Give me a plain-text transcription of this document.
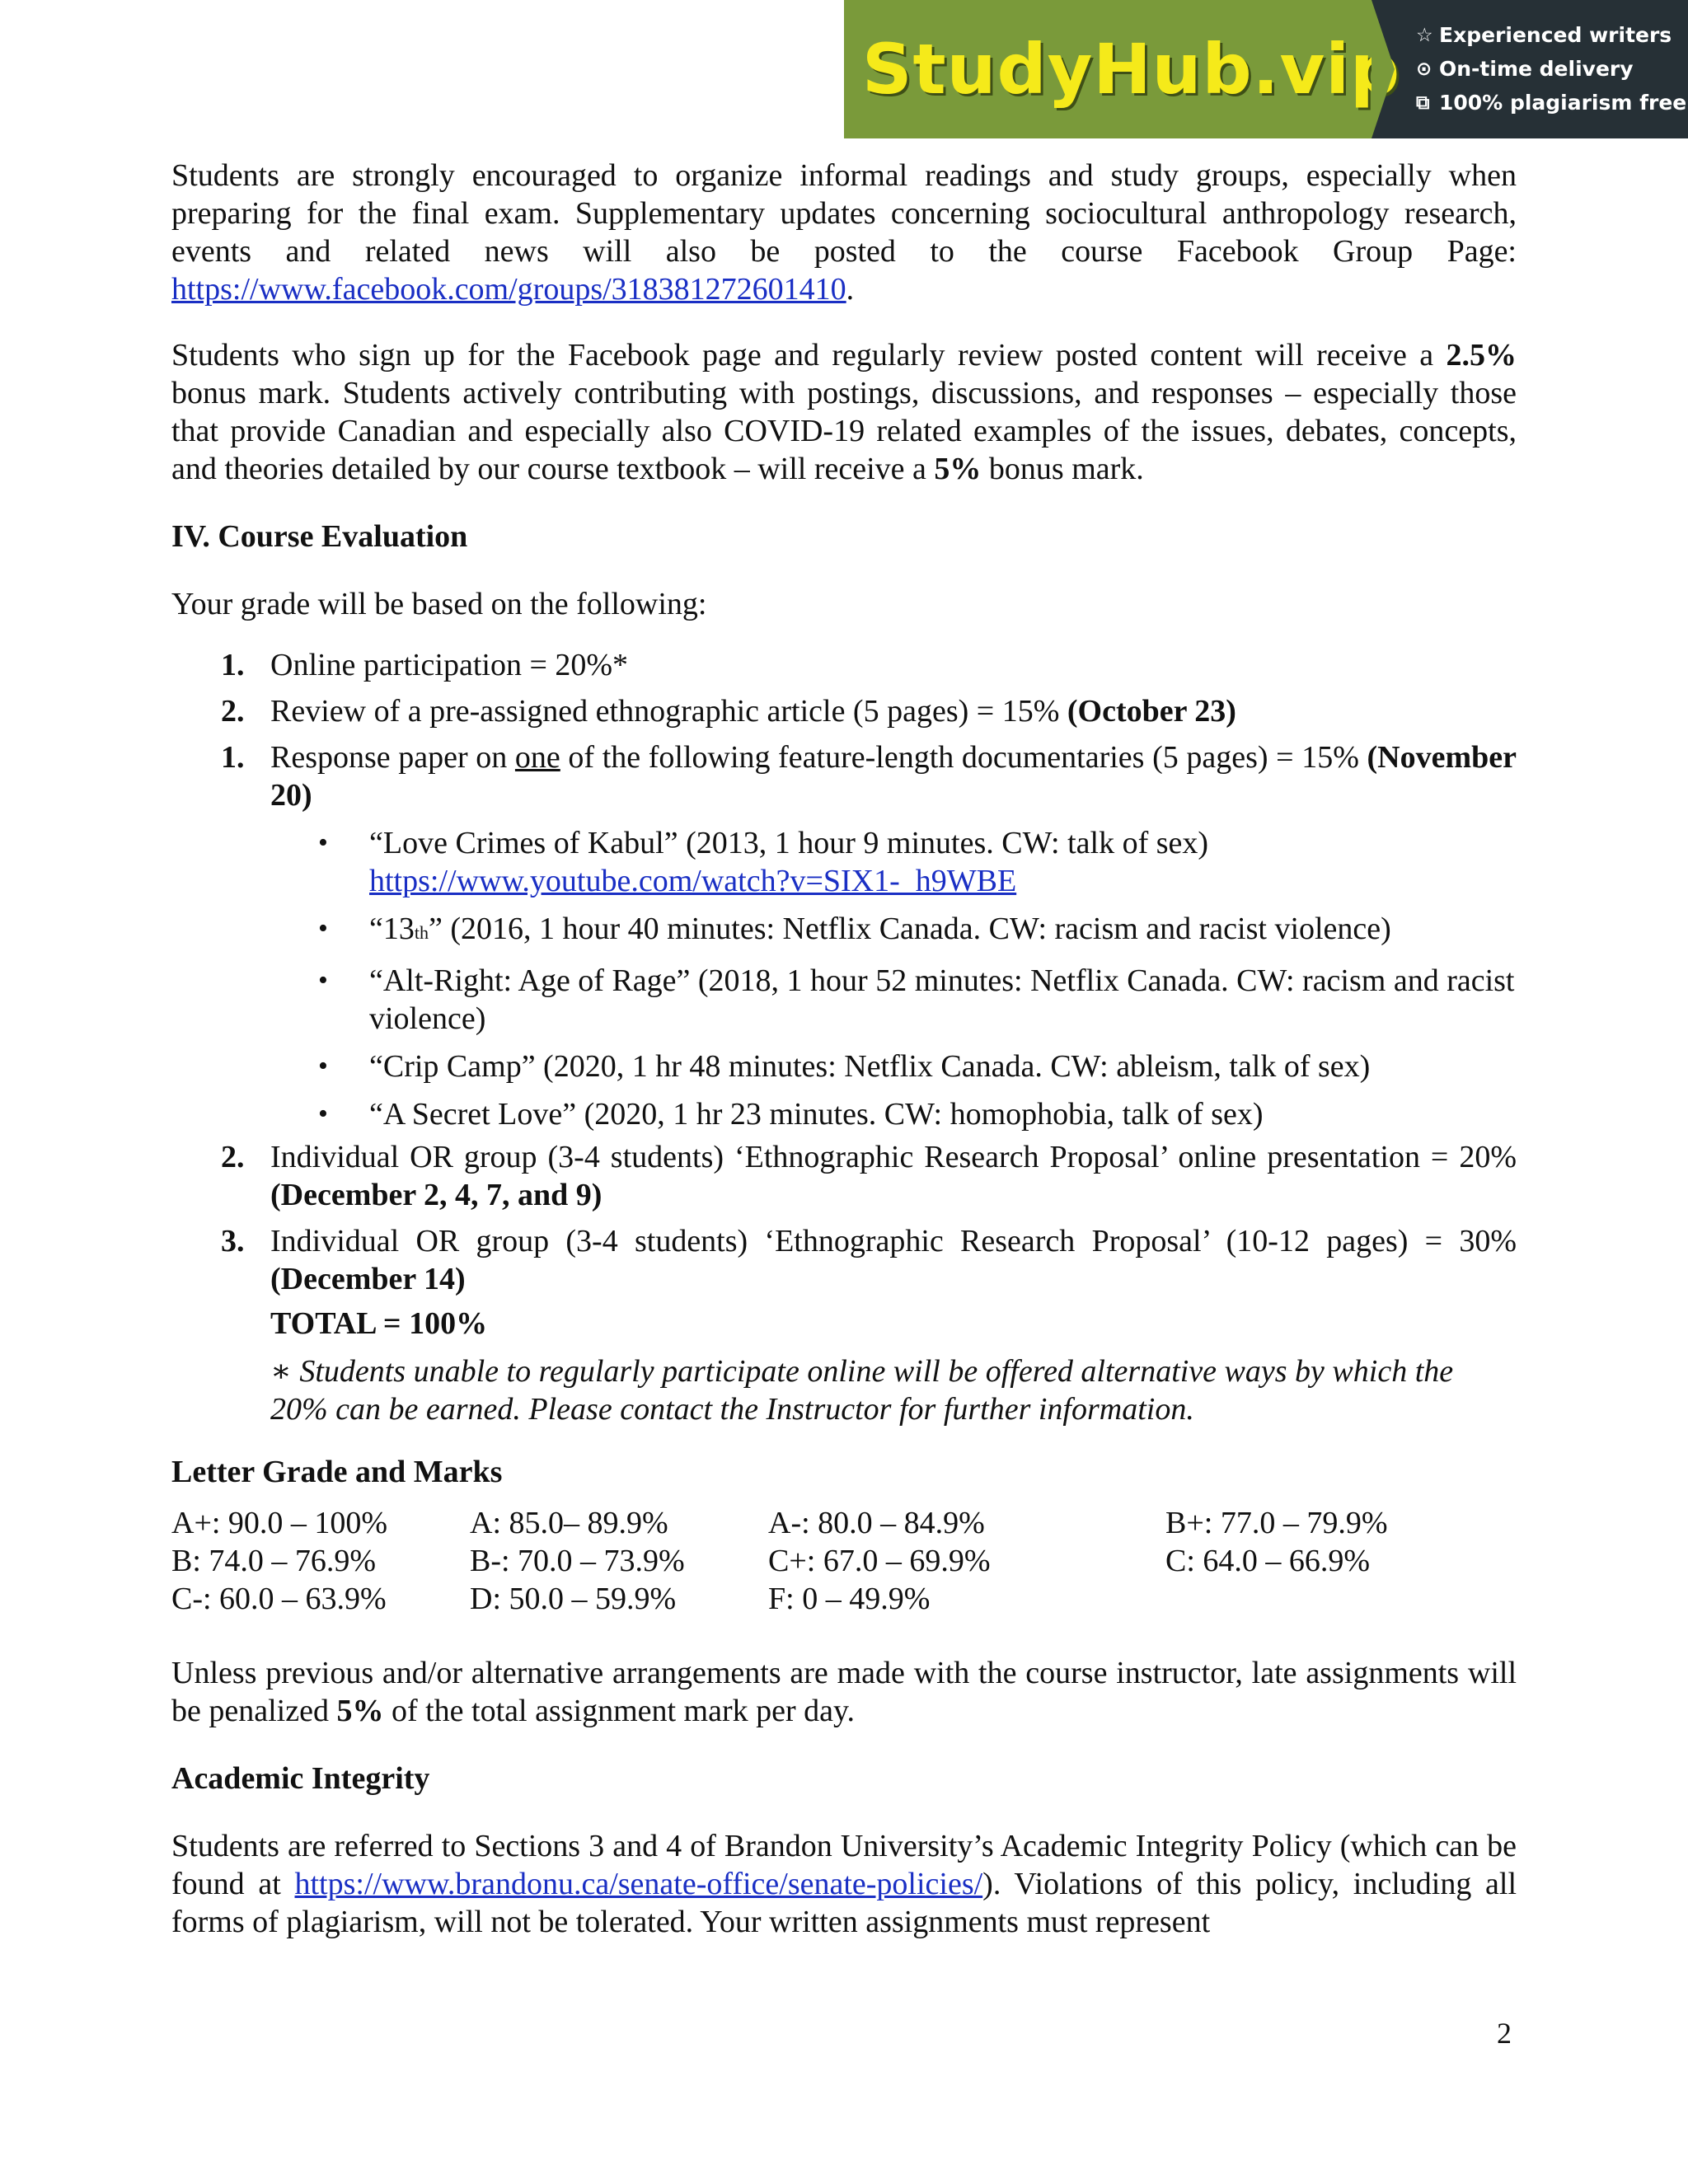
StudyHub.vip ☆ Experienced writers
⊙ On-time delivery
⧉ 100% plagiarism free

Students are strongly encouraged to organize informal readings and study groups, especially when preparing for the final exam. Supplementary updates concerning sociocultural anthropology research, events and related news will also be posted to the course Facebook Group Page: https://www.facebook.com/groups/318381272601410.

Students who sign up for the Facebook page and regularly review posted content will receive a 2.5% bonus mark. Students actively contributing with postings, discussions, and responses – especially those that provide Canadian and especially also COVID-19 related examples of the issues, debates, concepts, and theories detailed by our course textbook – will receive a 5% bonus mark.

IV. Course Evaluation

Your grade will be based on the following:

1. Online participation = 20%*
2. Review of a pre-assigned ethnographic article (5 pages) = 15% (October 23)
1. Response paper on one of the following feature-length documentaries (5 pages) = 15% (November 20)
• “Love Crimes of Kabul” (2013, 1 hour 9 minutes. CW: talk of sex)
https://www.youtube.com/watch?v=SIX1-_h9WBE
• “13th” (2016, 1 hour 40 minutes: Netflix Canada. CW: racism and racist violence)
• “Alt-Right: Age of Rage” (2018, 1 hour 52 minutes: Netflix Canada. CW: racism and racist violence)
• “Crip Camp” (2020, 1 hr 48 minutes: Netflix Canada. CW: ableism, talk of sex)
• “A Secret Love” (2020, 1 hr 23 minutes. CW: homophobia, talk of sex)
2. Individual OR group (3-4 students) ‘Ethnographic Research Proposal’ online presentation = 20% (December 2, 4, 7, and 9)
3. Individual OR group (3-4 students) ‘Ethnographic Research Proposal’ (10-12 pages) = 30% (December 14)
TOTAL = 100%
∗ Students unable to regularly participate online will be offered alternative ways by which the 20% can be earned. Please contact the Instructor for further information.

Letter Grade and Marks

A+: 90.0 – 100%	A: 85.0– 89.9%	A-: 80.0 – 84.9%	B+: 77.0 – 79.9%
B: 74.0 – 76.9%	B-: 70.0 – 73.9%	C+: 67.0 – 69.9%	C: 64.0 – 66.9%
C-: 60.0 – 63.9%	D: 50.0 – 59.9%	F: 0 – 49.9%

Unless previous and/or alternative arrangements are made with the course instructor, late assignments will be penalized 5% of the total assignment mark per day.

Academic Integrity

Students are referred to Sections 3 and 4 of Brandon University’s Academic Integrity Policy (which can be found at https://www.brandonu.ca/senate-office/senate-policies/). Violations of this policy, including all forms of plagiarism, will not be tolerated. Your written assignments must represent

2
